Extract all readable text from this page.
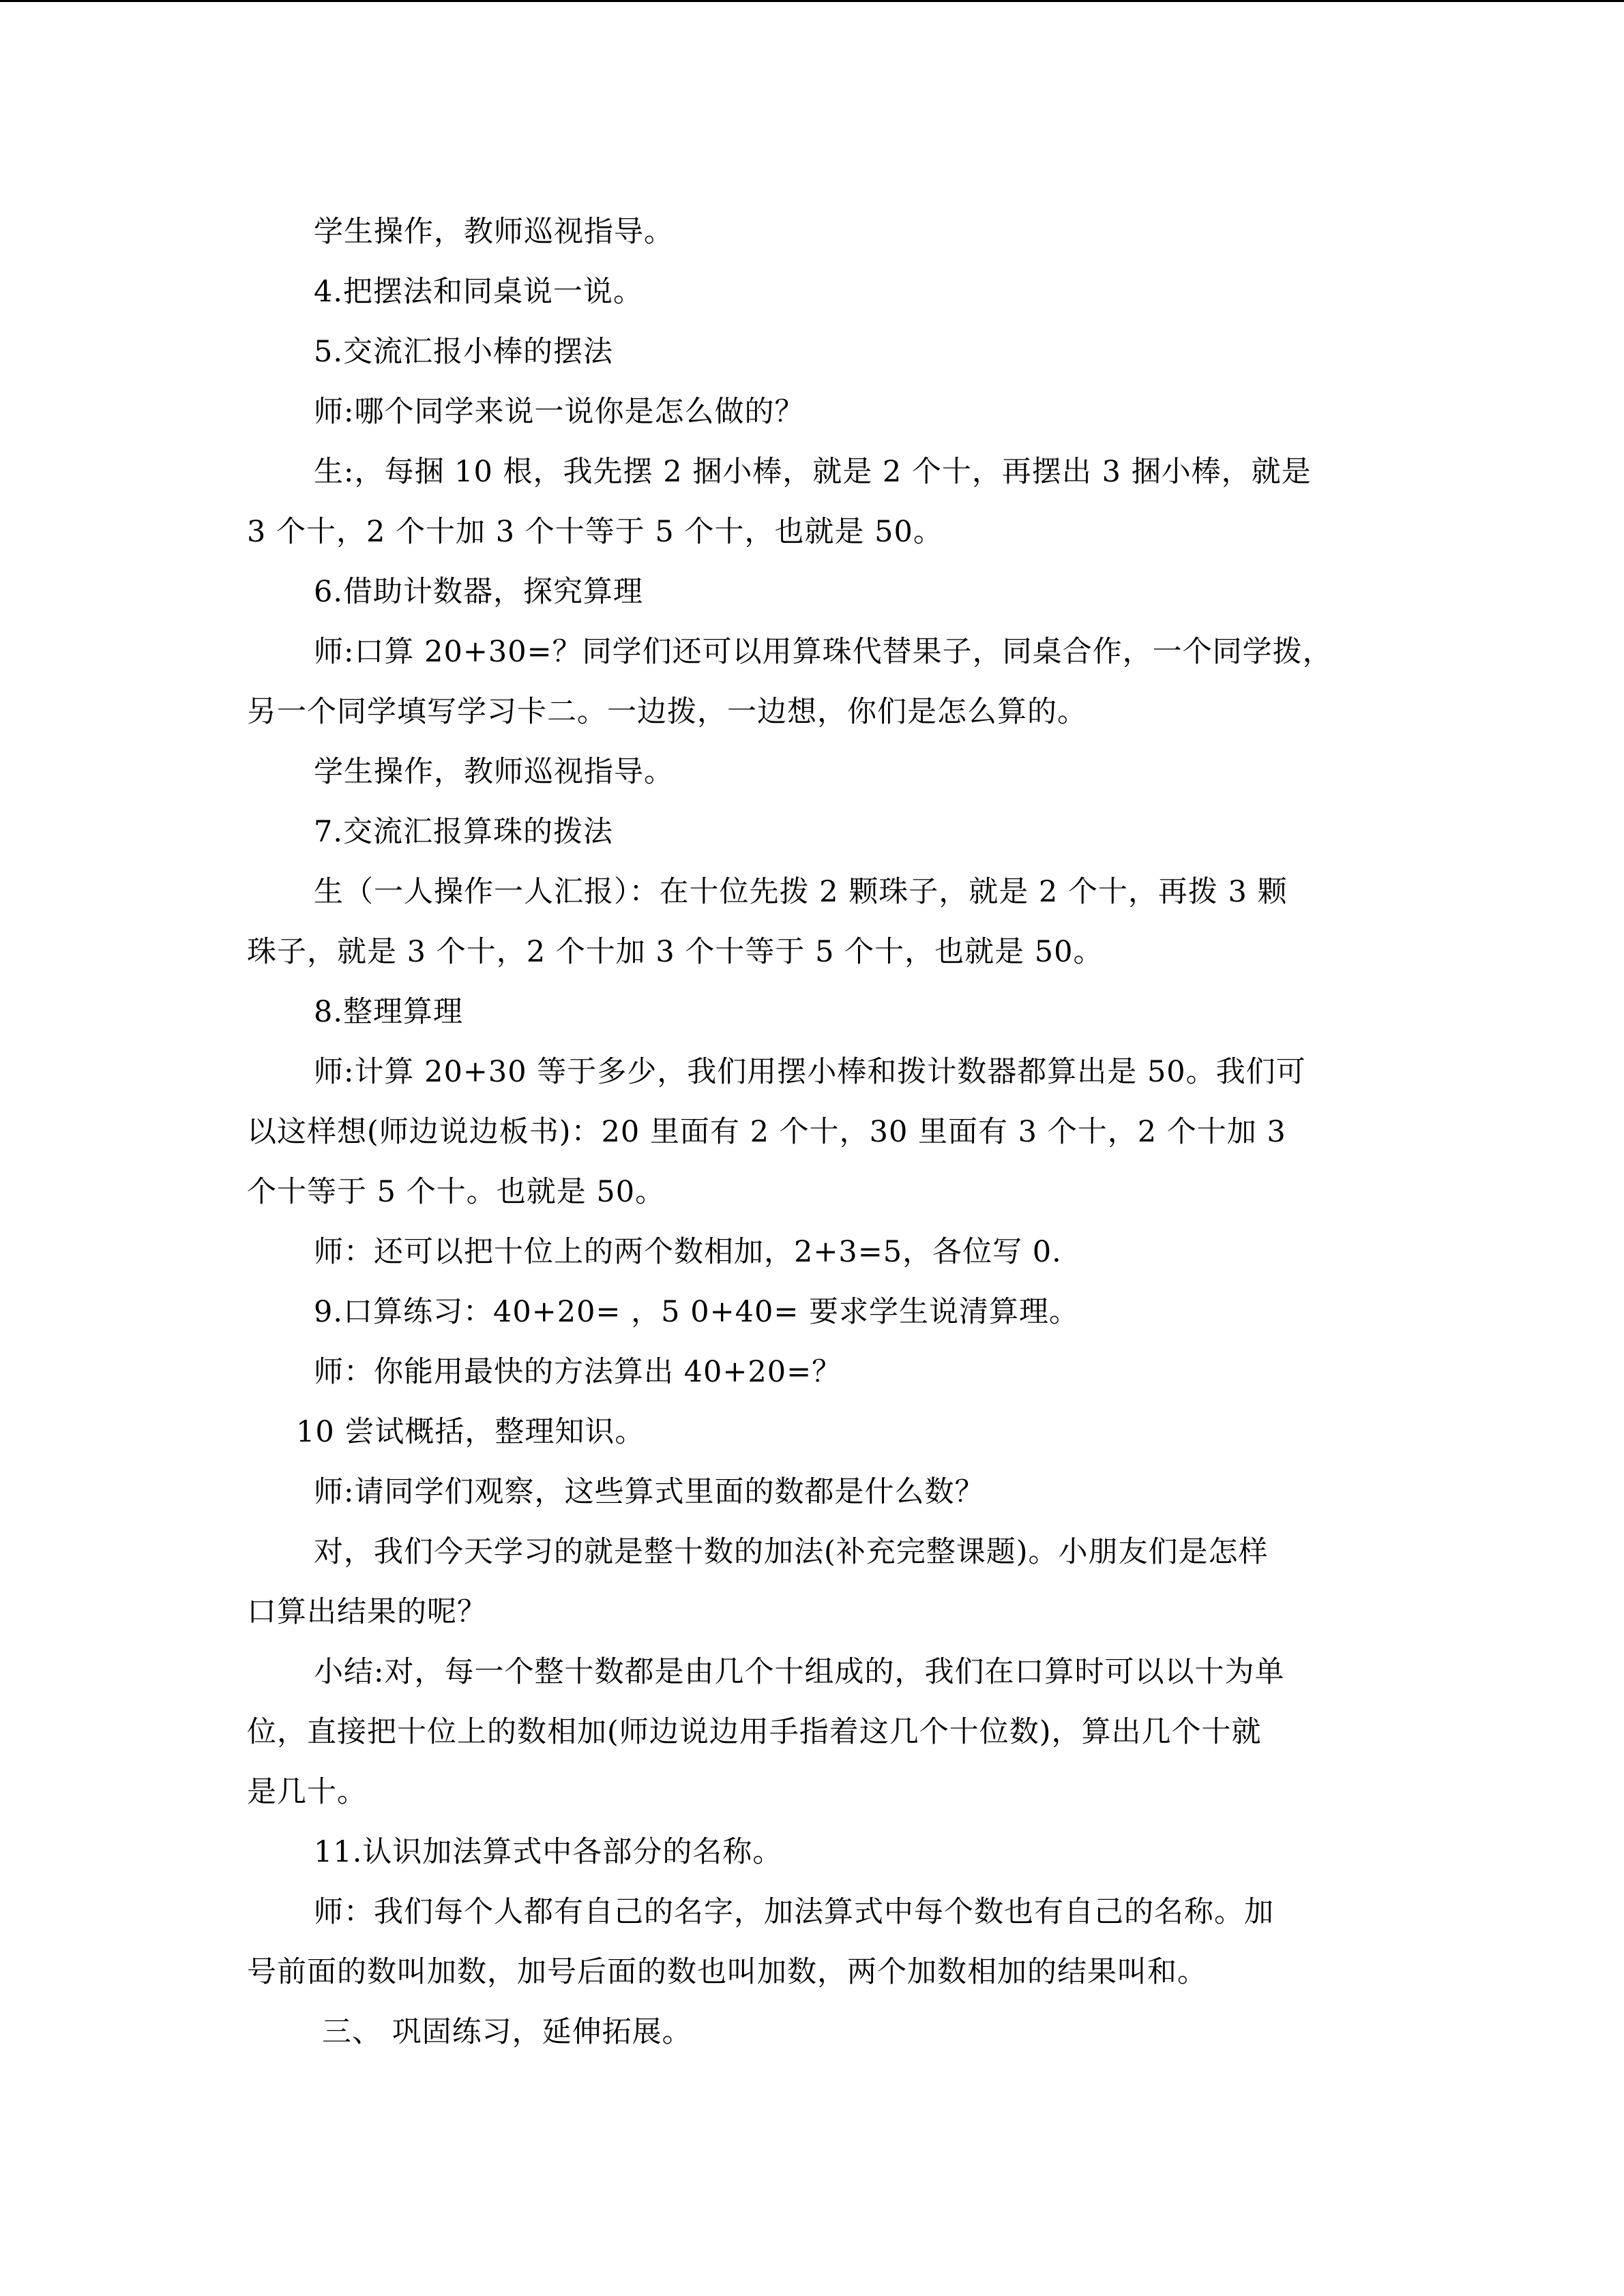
学生操作，教师巡视指导。
4.把摆法和同桌说一说。
5.交流汇报小棒的摆法
师:哪个同学来说一说你是怎么做的？
生:，每捆 10 根，我先摆 2 捆小棒，就是 2 个十，再摆出 3 捆小棒，就是
3 个十，2 个十加 3 个十等于 5 个十，也就是 50。
6.借助计数器，探究算理
师:口算 20+30=？同学们还可以用算珠代替果子，同桌合作，一个同学拨，
另一个同学填写学习卡二。一边拨，一边想，你们是怎么算的。
学生操作，教师巡视指导。
7.交流汇报算珠的拨法
生（一人操作一人汇报）：在十位先拨 2 颗珠子，就是 2 个十，再拨 3 颗
珠子，就是 3 个十，2 个十加 3 个十等于 5 个十，也就是 50。
8.整理算理
师:计算 20+30 等于多少，我们用摆小棒和拨计数器都算出是 50。我们可
以这样想(师边说边板书)：20 里面有 2 个十，30 里面有 3 个十，2 个十加 3
个十等于 5 个十。也就是 50。
师：还可以把十位上的两个数相加，2+3=5，各位写 0.
9.口算练习：40+20= ，5 0+40= 要求学生说清算理。
师：你能用最快的方法算出 40+20=？
10 尝试概括，整理知识。
师:请同学们观察，这些算式里面的数都是什么数？
对，我们今天学习的就是整十数的加法(补充完整课题)。小朋友们是怎样
口算出结果的呢？
小结:对，每一个整十数都是由几个十组成的，我们在口算时可以以十为单
位，直接把十位上的数相加(师边说边用手指着这几个十位数)，算出几个十就
是几十。
11.认识加法算式中各部分的名称。
师：我们每个人都有自己的名字，加法算式中每个数也有自己的名称。加
号前面的数叫加数，加号后面的数也叫加数，两个加数相加的结果叫和。
三、 巩固练习，延伸拓展。
